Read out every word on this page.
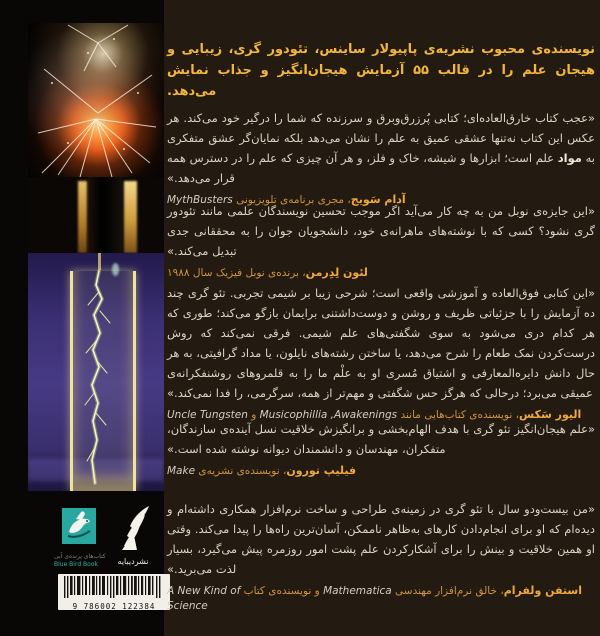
کتاب‌های پرنده‌ی آبی
Blue Bird Book	نشردیبایه
9 786002 122384

نویسنده‌ی محبوب نشریه‌ی پاپیولار ساینس، تئودور گری، زیبایی و هیجان علم را در قالب ۵۵ آزمایش هیجان‌انگیز و جذاب نمایش می‌دهد.

«عجب کتاب خارق‌العاده‌ای؛ کتابی پُرزرق‌وبرق و سرزنده که شما را درگیر خود می‌کند. هر عکس این کتاب نه‌تنها عشقی عمیق به علم را نشان می‌دهد بلکه نمایان‌گر عشق متفکری به مواد علم است؛ ابزارها و شیشه، خاک و فلز، و هر آن چیزی که علم را در دسترس همه قرار می‌دهد.»

آدام سَویج، مجری برنامه‌ی تلویزیونی MythBusters

«این جایزه‌ی نوبل من به چه کار می‌آید اگر موجب تحسین نویسندگان علمی مانند تئودور گری نشود؟ کسی که با نوشته‌های ماهرانه‌ی خود، دانشجویان جوان را به محققانی جدی تبدیل می‌کند.»

لئون لِدِرمن، برنده‌ی نوبل فیزیک سال ۱۹۸۸

«این کتابی فوق‌العاده و آموزشی واقعی است؛ شرحی زیبا بر شیمی تجربی. تئو گری چند ده آزمایش را با جزئیاتی ظریف و روشن و دوست‌داشتنی برایمان بازگو می‌کند؛ طوری که هر کدام دری می‌شود به سوی شگفتی‌های علم شیمی. فرقی نمی‌کند که روش درست‌کردن نمک طعام را شرح می‌دهد، یا ساختن رشته‌های نایلون، یا مداد گرافیتی، به هر حال دانش دایره‌المعارفی و اشتیاق مُسری او به علْم ما را به قلمروهای روشنفکرانه‌ی عمیقی می‌برد؛ درحالی که هرگز حس شگفتی و مهم‌تر از همه، سرگرمی، را فدا نمی‌کند.»

الیور سَکس، نویسنده‌ی کتاب‌هایی مانند Musicophillia ,Awakenings و Uncle Tungsten

«علم هیجان‌انگیز تئو گری با هدف الهام‌بخشی و برانگیزش خلاقیت نسل آینده‌ی سازندگان، متفکران، مهندسان و دانشمندان دیوانه نوشته شده است.»

فیلیپ تورون، نویسنده‌ی نشریه‌ی Make

«من بیست‌ودو سال با تئو گری در زمینه‌ی طراحی و ساخت نرم‌افزار همکاری داشته‌ام و دیده‌ام که او برای انجام‌دادن کارهای به‌ظاهر ناممکن، آسان‌ترین راه‌ها را پیدا می‌کند. وقتی او همین خلاقیت و بینش را برای آشکارکردن علم پشت امور روزمره پیش می‌گیرد، بسیار لذت می‌برید.»

استفن ولفرام، خالق نرم‌افزار مهندسی Mathematica و نویسنده‌ی کتاب A New Kind of Science
